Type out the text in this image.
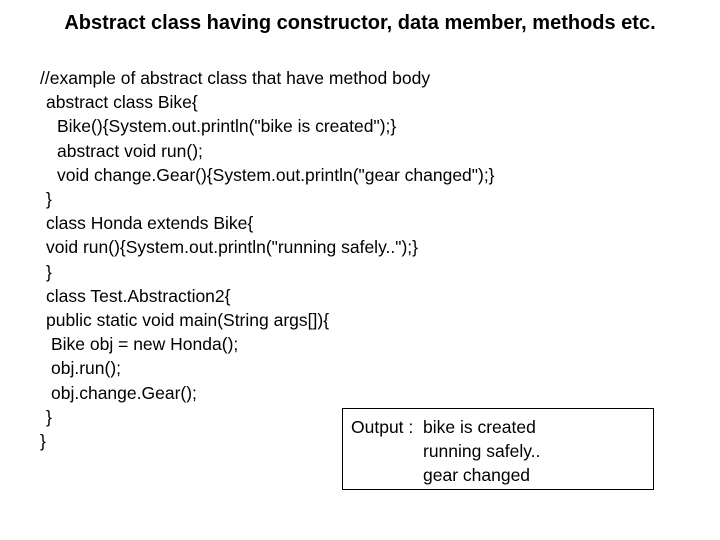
Abstract class having constructor, data member, methods etc.
//example of abstract class that have method body
abstract class Bike{
Bike(){System.out.println("bike is created");}
abstract void run();
void change.Gear(){System.out.println("gear changed");}
}
class Honda extends Bike{
void run(){System.out.println("running safely..");}
}
class Test.Abstraction2{
public static void main(String args[]){
Bike obj = new Honda();
obj.run();
obj.change.Gear();
}
}
Output : bike is created
running safely..
gear changed
